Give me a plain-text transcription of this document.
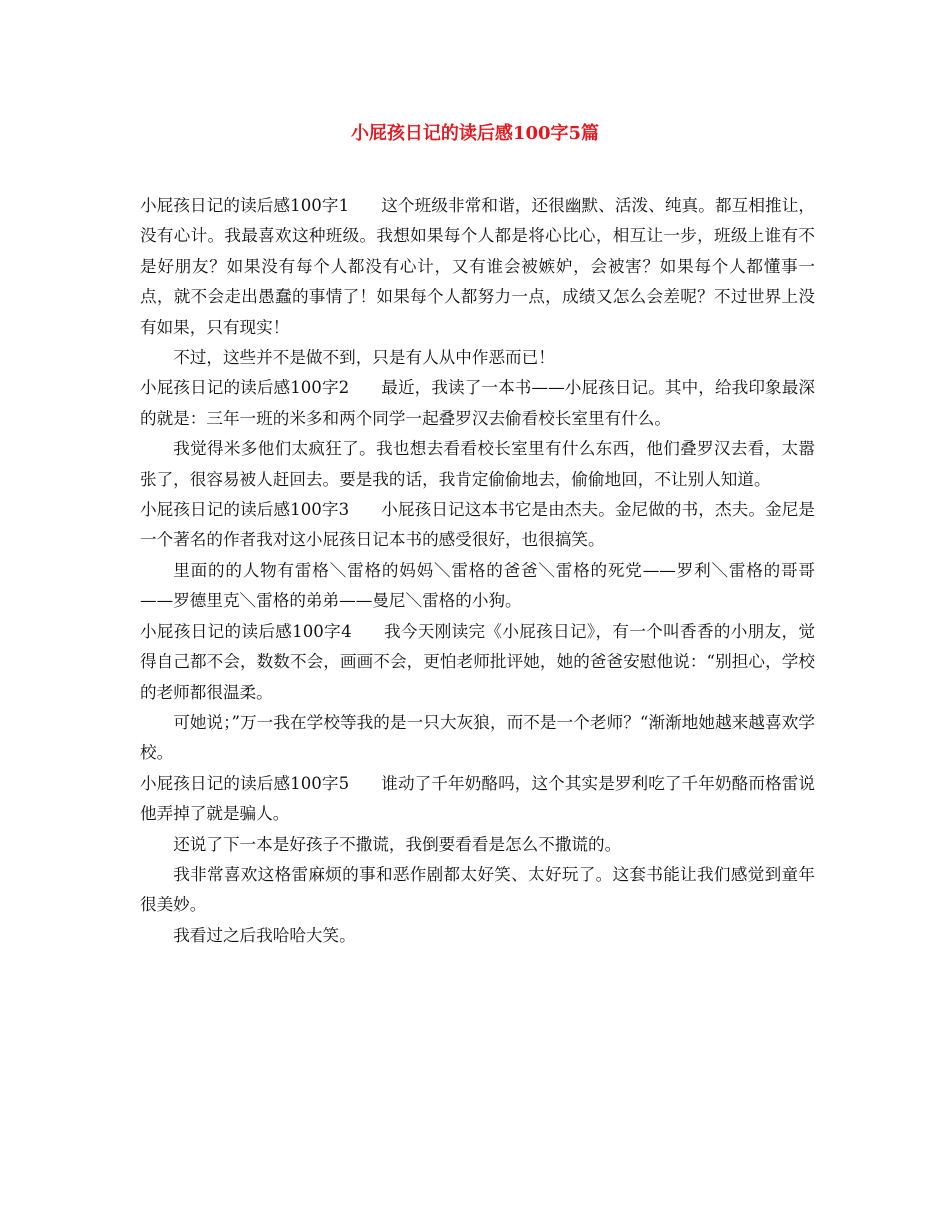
小屁孩日记的读后感100字5篇

小屁孩日记的读后感100字1 这个班级非常和谐，还很幽默、活泼、纯真。都互相推让，没有心计。我最喜欢这种班级。我想如果每个人都是将心比心，相互让一步，班级上谁有不是好朋友？如果没有每个人都没有心计，又有谁会被嫉妒，会被害？如果每个人都懂事一点，就不会走出愚蠢的事情了！如果每个人都努力一点，成绩又怎么会差呢？不过世界上没有如果，只有现实！

不过，这些并不是做不到，只是有人从中作恶而已！

小屁孩日记的读后感100字2 最近，我读了一本书——小屁孩日记。其中，给我印象最深的就是：三年一班的米多和两个同学一起叠罗汉去偷看校长室里有什么。

我觉得米多他们太疯狂了。我也想去看看校长室里有什么东西，他们叠罗汉去看，太嚣张了，很容易被人赶回去。要是我的话，我肯定偷偷地去，偷偷地回，不让别人知道。

小屁孩日记的读后感100字3 小屁孩日记这本书它是由杰夫。金尼做的书，杰夫。金尼是一个著名的作者我对这小屁孩日记本书的感受很好，也很搞笑。

里面的的人物有雷格＼雷格的妈妈＼雷格的爸爸＼雷格的死党——罗利＼雷格的哥哥——罗德里克＼雷格的弟弟——曼尼＼雷格的小狗。

小屁孩日记的读后感100字4 我今天刚读完《小屁孩日记》，有一个叫香香的小朋友，觉得自己都不会，数数不会，画画不会，更怕老师批评她，她的爸爸安慰他说：“别担心，学校的老师都很温柔。

可她说；”万一我在学校等我的是一只大灰狼，而不是一个老师？“渐渐地她越来越喜欢学校。

小屁孩日记的读后感100字5 谁动了千年奶酪吗，这个其实是罗利吃了千年奶酪而格雷说他弄掉了就是骗人。

还说了下一本是好孩子不撒谎，我倒要看看是怎么不撒谎的。

我非常喜欢这格雷麻烦的事和恶作剧都太好笑、太好玩了。这套书能让我们感觉到童年很美妙。

我看过之后我哈哈大笑。
